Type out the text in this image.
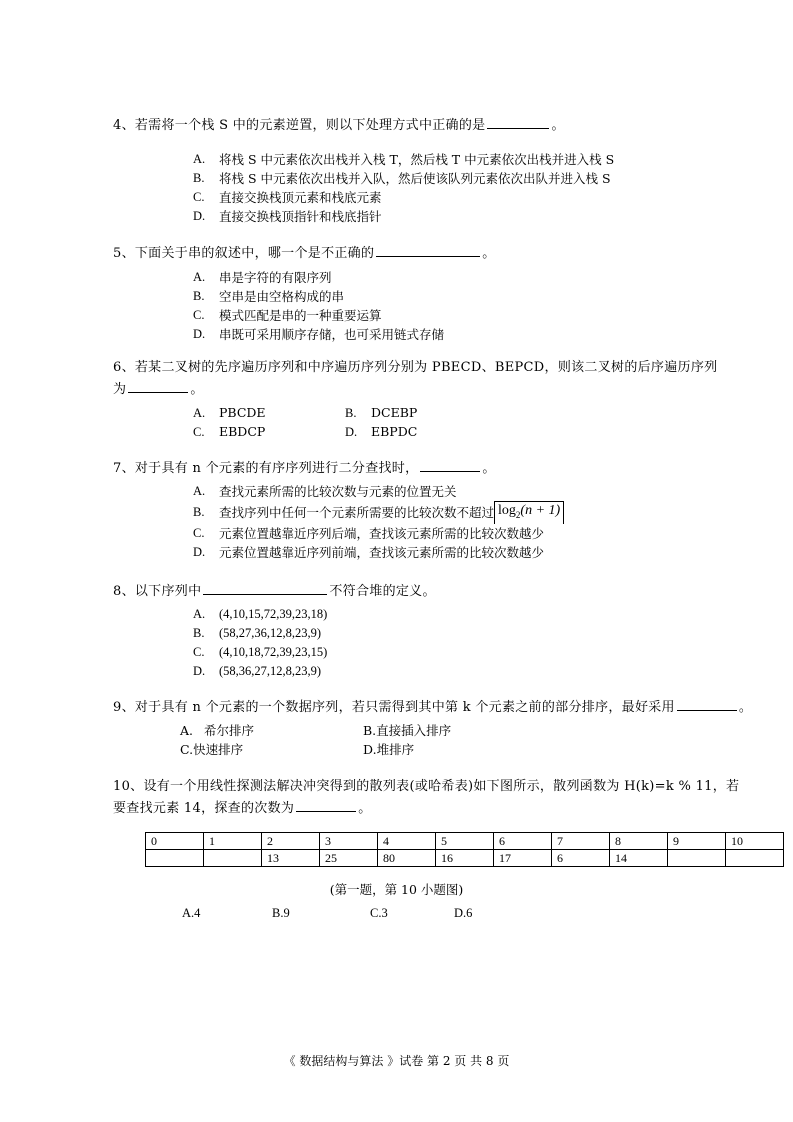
4、若需将一个栈 S 中的元素逆置，则以下处理方式中正确的是	。
A.	将栈 S 中元素依次出栈并入栈 T，然后栈 T 中元素依次出栈并进入栈 S
B.	将栈 S 中元素依次出栈并入队，然后使该队列元素依次出队并进入栈 S
C.	直接交换栈顶元素和栈底元素
D.	直接交换栈顶指针和栈底指针
5、下面关于串的叙述中，哪一个是不正确的	。
A.	串是字符的有限序列
B.	空串是由空格构成的串
C.	模式匹配是串的一种重要运算
D.	串既可采用顺序存储，也可采用链式存储
6、若某二叉树的先序遍历序列和中序遍历序列分别为 PBECD、BEPCD，则该二叉树的后序遍历序列
为	。
A. PBCDE	B. DCEBP
C. EBDCP	D. EBPDC
7、对于具有 n 个元素的有序序列进行二分查找时，	。
A.	查找元素所需的比较次数与元素的位置无关
B.	查找序列中任何一个元素所需要的比较次数不超过 $\log_2(n + 1)$
C.	元素位置越靠近序列后端，查找该元素所需的比较次数越少
D.	元素位置越靠近序列前端，查找该元素所需的比较次数越少
8、以下序列中	不符合堆的定义。
A.	(4,10,15,72,39,23,18)
B.	(58,27,36,12,8,23,9)
C.	(4,10,18,72,39,23,15)
D.	(58,36,27,12,8,23,9)
9、对于具有 n 个元素的一个数据序列，若只需得到其中第 k 个元素之前的部分排序，最好采用	。
A. 希尔排序	B.直接插入排序
C.快速排序	D.堆排序
10、设有一个用线性探测法解决冲突得到的散列表(或哈希表)如下图所示，散列函数为 H(k)=k % 11，若
要查找元素 14，探查的次数为	。
0	1	2	3	4	5	6	7	8	9	10
		13	25	80	16	17	6	14		
(第一题，第 10 小题图)
A.4	B.9	C.3	D.6
《 数据结构与算法 》试卷 第 2 页 共 8 页
